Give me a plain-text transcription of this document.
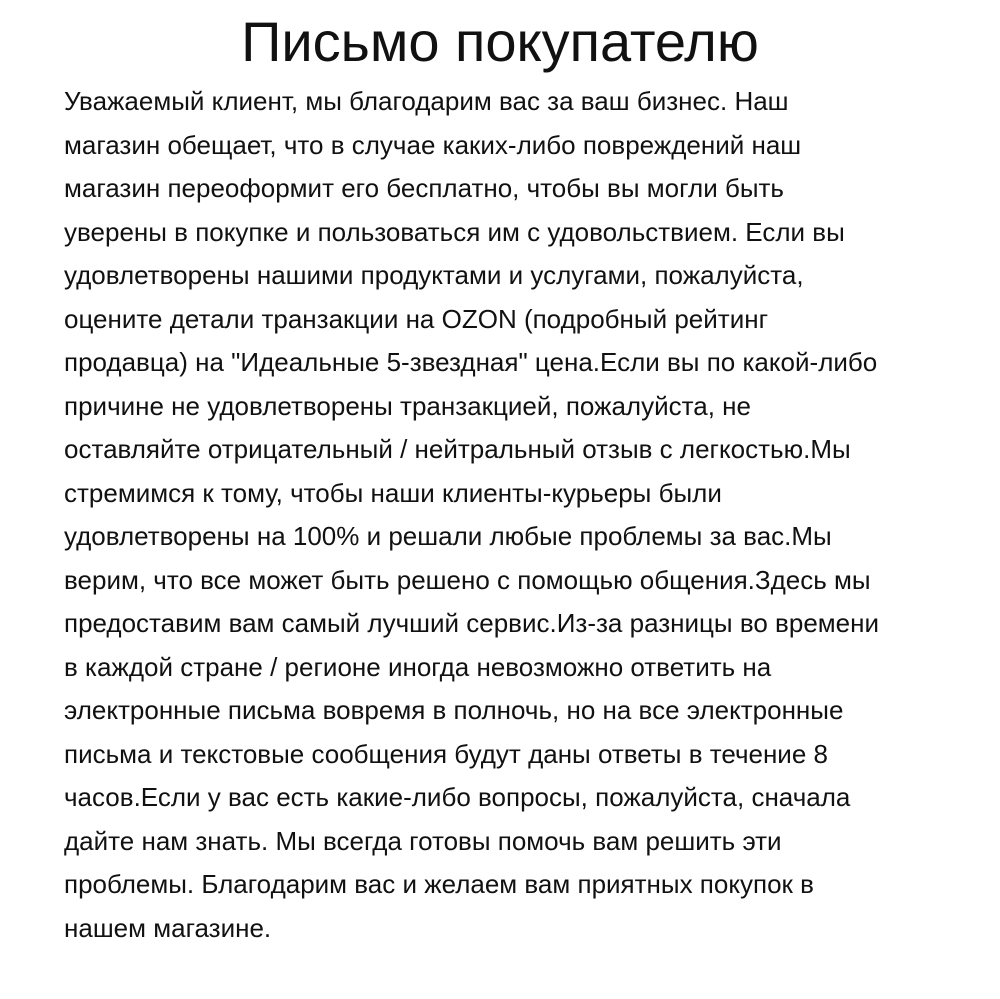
Письмо покупателю
Уважаемый клиент, мы благодарим вас за ваш бизнес. Наш
магазин обещает, что в случае каких-либо повреждений наш
магазин переоформит его бесплатно, чтобы вы могли быть
уверены в покупке и пользоваться им с удовольствием. Если вы
удовлетворены нашими продуктами и услугами, пожалуйста,
оцените детали транзакции на OZON (подробный рейтинг
продавца) на "Идеальные 5-звездная" цена.Если вы по какой-либо
причине не удовлетворены транзакцией, пожалуйста, не
оставляйте отрицательный / нейтральный отзыв с легкостью.Мы
стремимся к тому, чтобы наши клиенты-курьеры были
удовлетворены на 100% и решали любые проблемы за вас.Мы
верим, что все может быть решено с помощью общения.Здесь мы
предоставим вам самый лучший сервис.Из-за разницы во времени
в каждой стране / регионе иногда невозможно ответить на
электронные письма вовремя в полночь, но на все электронные
письма и текстовые сообщения будут даны ответы в течение 8
часов.Если у вас есть какие-либо вопросы, пожалуйста, сначала
дайте нам знать. Мы всегда готовы помочь вам решить эти
проблемы. Благодарим вас и желаем вам приятных покупок в
нашем магазине.
